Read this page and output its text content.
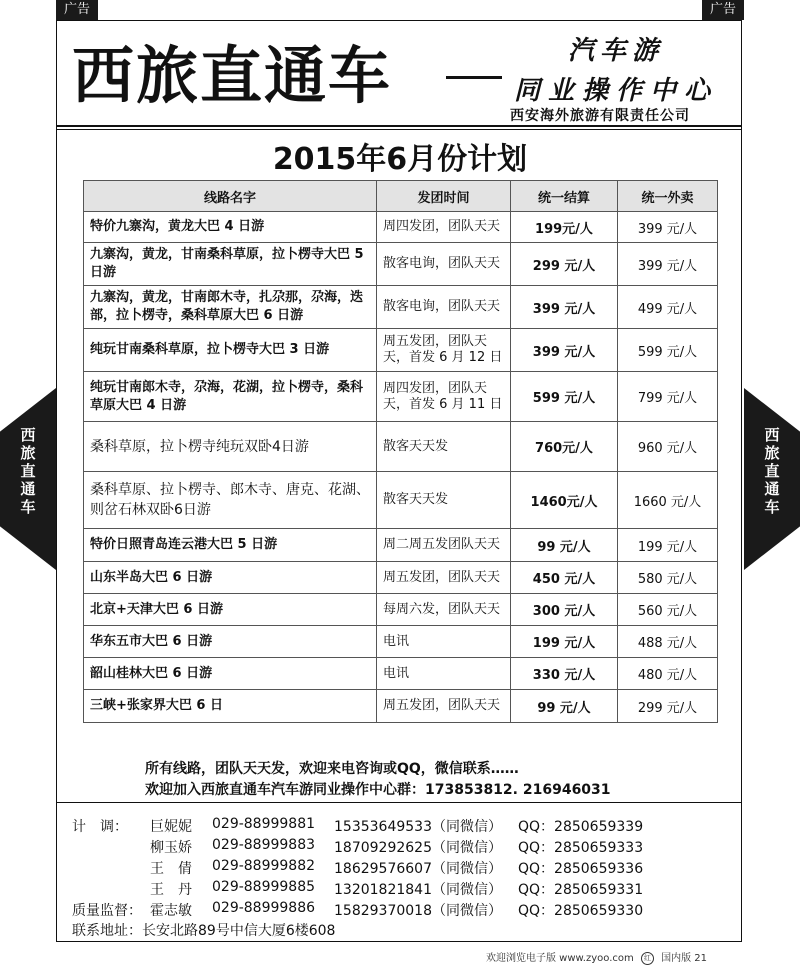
广告	广告
西旅直通车	汽车游
同业操作中心
西安海外旅游有限责任公司
2015年6月份计划
线路名字	发团时间	统一结算	统一外卖
特价九寨沟，黄龙大巴 4 日游	周四发团，团队天天	199元/人	399 元/人
九寨沟，黄龙，甘南桑科草原，拉卜楞寺大巴 5 日游	散客电询，团队天天	299 元/人	399 元/人
九寨沟，黄龙，甘南郎木寺，扎尕那，尕海，迭部，拉卜楞寺，桑科草原大巴 6 日游	散客电询，团队天天	399 元/人	499 元/人
纯玩甘南桑科草原，拉卜楞寺大巴 3 日游	周五发团，团队天天，首发 6 月 12 日	399 元/人	599 元/人
纯玩甘南郎木寺，尕海，花湖，拉卜楞寺，桑科草原大巴 4 日游	周四发团，团队天天，首发 6 月 11 日	599 元/人	799 元/人
桑科草原，拉卜楞寺纯玩双卧4日游	散客天天发	760元/人	960 元/人
桑科草原、拉卜楞寺、郎木寺、唐克、花湖、则岔石林双卧6日游	散客天天发	1460元/人	1660 元/人
特价日照青岛连云港大巴 5 日游	周二周五发团队天天	99 元/人	199 元/人
山东半岛大巴 6 日游	周五发团，团队天天	450 元/人	580 元/人
北京+天津大巴 6 日游	每周六发，团队天天	300 元/人	560 元/人
华东五市大巴 6 日游	电讯	199 元/人	488 元/人
韶山桂林大巴 6 日游	电讯	330 元/人	480 元/人
三峡+张家界大巴 6 日	周五发团，团队天天	99 元/人	299 元/人
西
旅
直
通
车
西
旅
直
通
车
所有线路，团队天天发，欢迎来电咨询或QQ，微信联系……
欢迎加入西旅直通车汽车游同业操作中心群：173853812. 216946031
计　调： 巨妮妮 029-88999881 15353649533（同微信） QQ：2850659339
柳玉娇 029-88999883 18709292625（同微信） QQ：2850659333
王　倩 029-88999882 18629576607（同微信） QQ：2850659336
王　丹 029-88999885 13201821841（同微信） QQ：2850659331
质量监督： 霍志敏 029-88999886 15829370018（同微信） QQ：2850659330
联系地址：长安北路89号中信大厦6楼608
欢迎浏览电子版 www.zyoo.com 红 国内版 21
